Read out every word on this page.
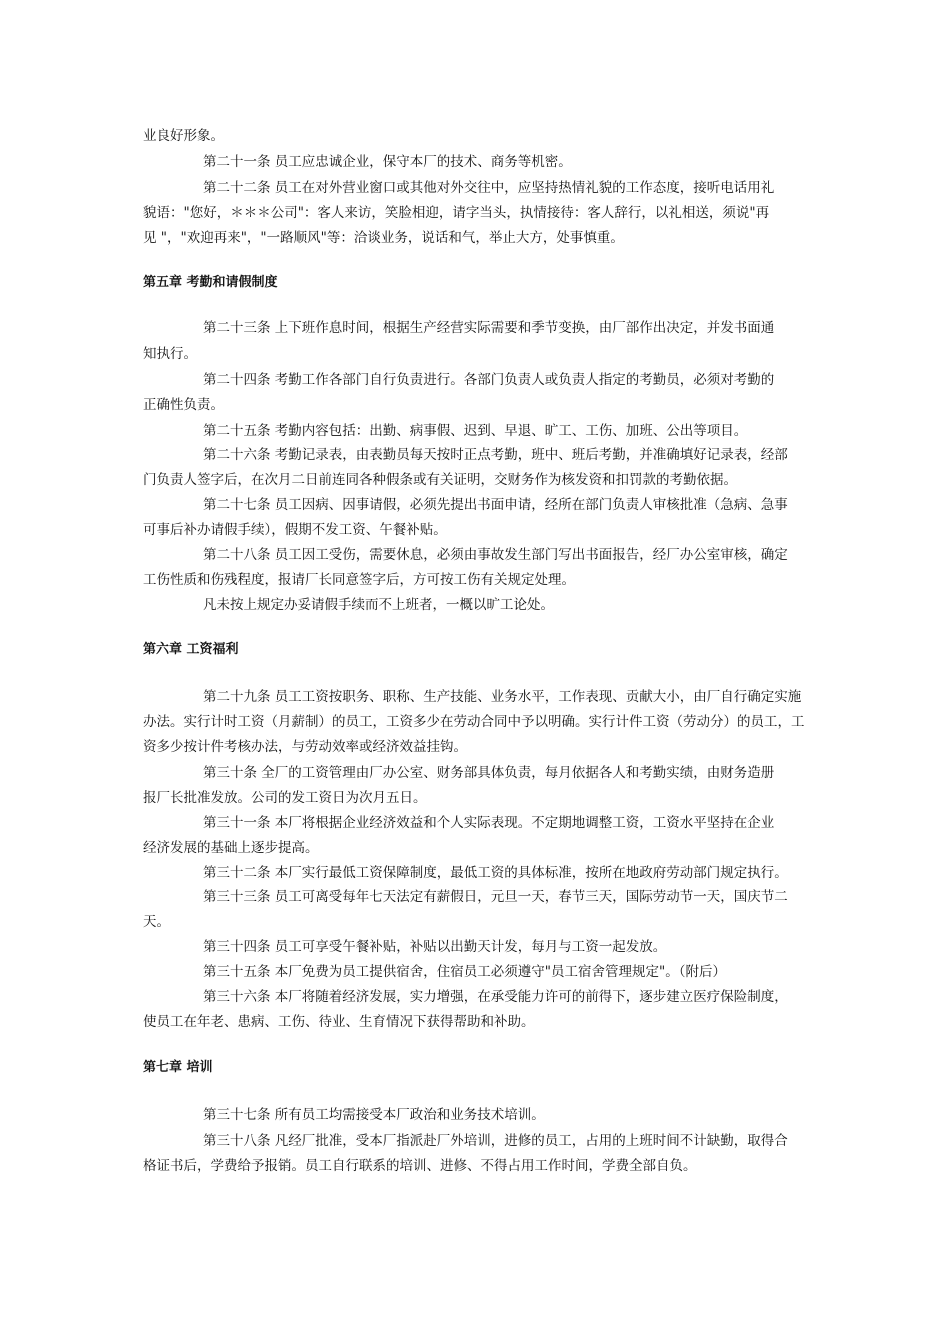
业良好形象。
第二十一条 员工应忠诚企业，保守本厂的技术、商务等机密。
第二十二条 员工在对外营业窗口或其他对外交往中，应坚持热情礼貌的工作态度，接听电话用礼
貌语："您好，＊＊＊公司"：客人来访，笑脸相迎，请字当头，执情接待：客人辞行，以礼相送，须说"再
见 "，"欢迎再来"，"一路顺风"等：洽谈业务，说话和气，举止大方，处事慎重。
第五章 考勤和请假制度
第二十三条 上下班作息时间，根据生产经营实际需要和季节变换，由厂部作出决定，并发书面通
知执行。
第二十四条 考勤工作各部门自行负责进行。各部门负责人或负责人指定的考勤员，必须对考勤的
正确性负责。
第二十五条 考勤内容包括：出勤、病事假、迟到、早退、旷工、工伤、加班、公出等项目。
第二十六条 考勤记录表，由表勤员每天按时正点考勤，班中、班后考勤，并准确填好记录表，经部
门负责人签字后，在次月二日前连同各种假条或有关证明，交财务作为核发资和扣罚款的考勤依据。
第二十七条 员工因病、因事请假，必须先提出书面申请，经所在部门负责人审核批准（急病、急事
可事后补办请假手续），假期不发工资、午餐补贴。
第二十八条 员工因工受伤，需要休息，必须由事故发生部门写出书面报告，经厂办公室审核，确定
工伤性质和伤残程度，报请厂长同意签字后，方可按工伤有关规定处理。
凡未按上规定办妥请假手续而不上班者，一概以旷工论处。
第六章 工资福利
第二十九条 员工工资按职务、职称、生产技能、业务水平，工作表现、贡献大小，由厂自行确定实施
办法。实行计时工资（月薪制）的员工，工资多少在劳动合同中予以明确。实行计件工资（劳动分）的员工，工
资多少按计件考核办法，与劳动效率或经济效益挂钩。
第三十条 全厂的工资管理由厂办公室、财务部具体负责，每月依据各人和考勤实绩，由财务造册
报厂长批准发放。公司的发工资日为次月五日。
第三十一条 本厂将根据企业经济效益和个人实际表现。不定期地调整工资，工资水平坚持在企业
经济发展的基础上逐步提高。
第三十二条 本厂实行最低工资保障制度，最低工资的具体标准，按所在地政府劳动部门规定执行。
第三十三条 员工可离受每年七天法定有薪假日，元旦一天，春节三天，国际劳动节一天，国庆节二
天。
第三十四条 员工可享受午餐补贴，补贴以出勤天计发，每月与工资一起发放。
第三十五条 本厂免费为员工提供宿舍，住宿员工必须遵守"员工宿舍管理规定"。（附后）
第三十六条 本厂将随着经济发展，实力增强，在承受能力许可的前得下，逐步建立医疗保险制度，
使员工在年老、患病、工伤、待业、生育情况下获得帮助和补助。
第七章 培训
第三十七条 所有员工均需接受本厂政治和业务技术培训。
第三十八条 凡经厂批准，受本厂指派赴厂外培训，进修的员工，占用的上班时间不计缺勤，取得合
格证书后，学费给予报销。员工自行联系的培训、进修、不得占用工作时间，学费全部自负。
